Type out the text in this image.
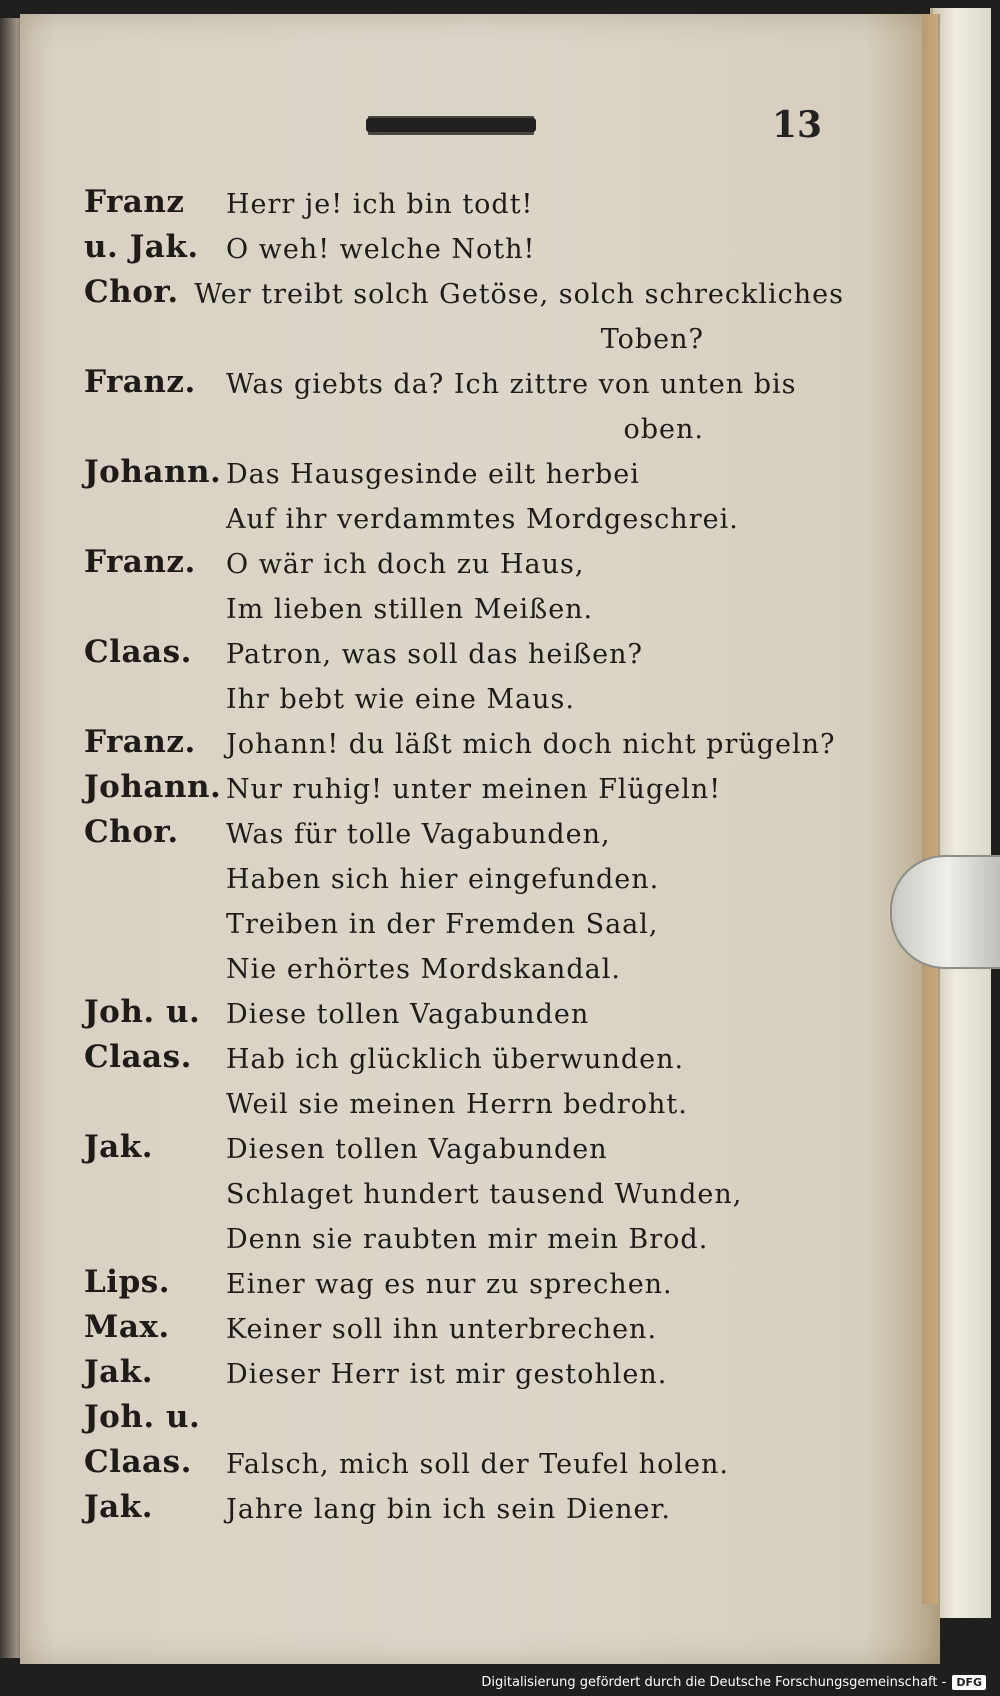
13
Franz	Herr je! ich bin todt!
u. Jak.	O weh! welche Noth!
Chor. Wer treibt solch Getöse, solch schreckliches
Toben?
Franz.	Was giebts da? Ich zittre von unten bis
oben.
Johann. Das Hausgesinde eilt herbei
Auf ihr verdammtes Mordgeschrei.
Franz.	O wär ich doch zu Haus,
Im lieben stillen Meißen.
Claas.	Patron, was soll das heißen?
Ihr bebt wie eine Maus.
Franz.	Johann! du läßt mich doch nicht prügeln?
Johann. Nur ruhig! unter meinen Flügeln!
Chor.	Was für tolle Vagabunden,
Haben sich hier eingefunden.
Treiben in der Fremden Saal,
Nie erhörtes Mordskandal.
Joh. u. Diese tollen Vagabunden
Claas.	Hab ich glücklich überwunden.
Weil sie meinen Herrn bedroht.
Jak.	Diesen tollen Vagabunden
Schlaget hundert tausend Wunden,
Denn sie raubten mir mein Brod.
Lips.	Einer wag es nur zu sprechen.
Max.	Keiner soll ihn unterbrechen.
Jak.	Dieser Herr ist mir gestohlen.
Joh. u.
Claas.	Falsch, mich soll der Teufel holen.
Jak.	Jahre lang bin ich sein Diener.
Digitalisierung gefördert durch die Deutsche Forschungsgemeinschaft - DFG
